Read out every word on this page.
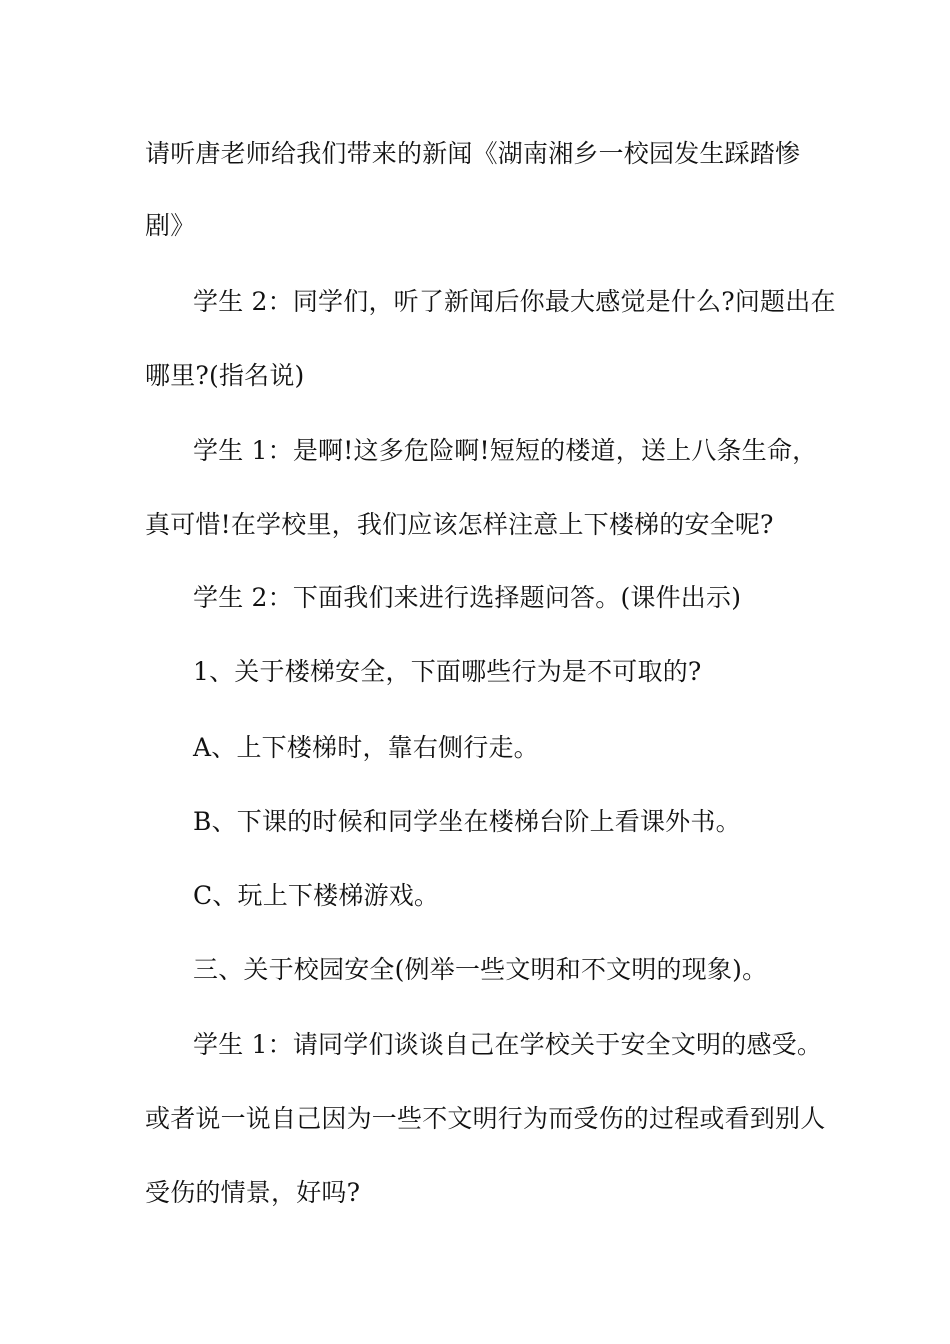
请听唐老师给我们带来的新闻《湖南湘乡一校园发生踩踏惨
剧》
学生 2：同学们，听了新闻后你最大感觉是什么?问题出在
哪里?(指名说)
学生 1：是啊!这多危险啊!短短的楼道，送上八条生命，
真可惜!在学校里，我们应该怎样注意上下楼梯的安全呢?
学生 2：下面我们来进行选择题问答。(课件出示)
1、关于楼梯安全，下面哪些行为是不可取的?
A、上下楼梯时，靠右侧行走。
B、下课的时候和同学坐在楼梯台阶上看课外书。
C、玩上下楼梯游戏。
三、关于校园安全(例举一些文明和不文明的现象)。
学生 1：请同学们谈谈自己在学校关于安全文明的感受。
或者说一说自己因为一些不文明行为而受伤的过程或看到别人
受伤的情景，好吗?
